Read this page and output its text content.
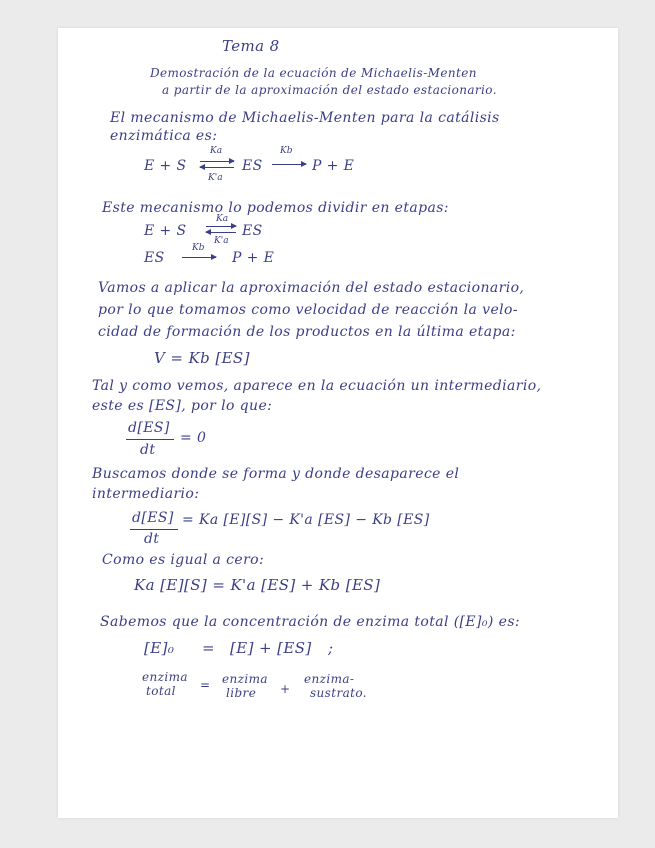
Tema 8
Demostración de la ecuación de Michaelis-Menten
a partir de la aproximación del estado estacionario.
El mecanismo de Michaelis-Menten para la catálisis
enzimática es:
E + S
Ka
K'a
ES
Kb
P + E
Este mecanismo lo podemos dividir en etapas:
E + S
Ka
K'a
ES
ES
Kb
P + E
Vamos a aplicar la aproximación del estado estacionario,
por lo que tomamos como velocidad de reacción la velo-
cidad de formación de los productos en la última etapa:
V = Kb [ES]
Tal y como vemos, aparece en la ecuación un intermediario,
este es [ES], por lo que:
d[ES]
dt
= 0
Buscamos donde se forma y donde desaparece el
intermediario:
d[ES]
dt
= Ka [E][S] − K'a [ES] − Kb [ES]
Como es igual a cero:
Ka [E][S] = K'a [ES] + Kb [ES]
Sabemos que la concentración de enzima total ([E]₀) es:
[E]₀ = [E] + [ES] ;
enzima
total = enzima
libre +
enzima-
sustrato.
